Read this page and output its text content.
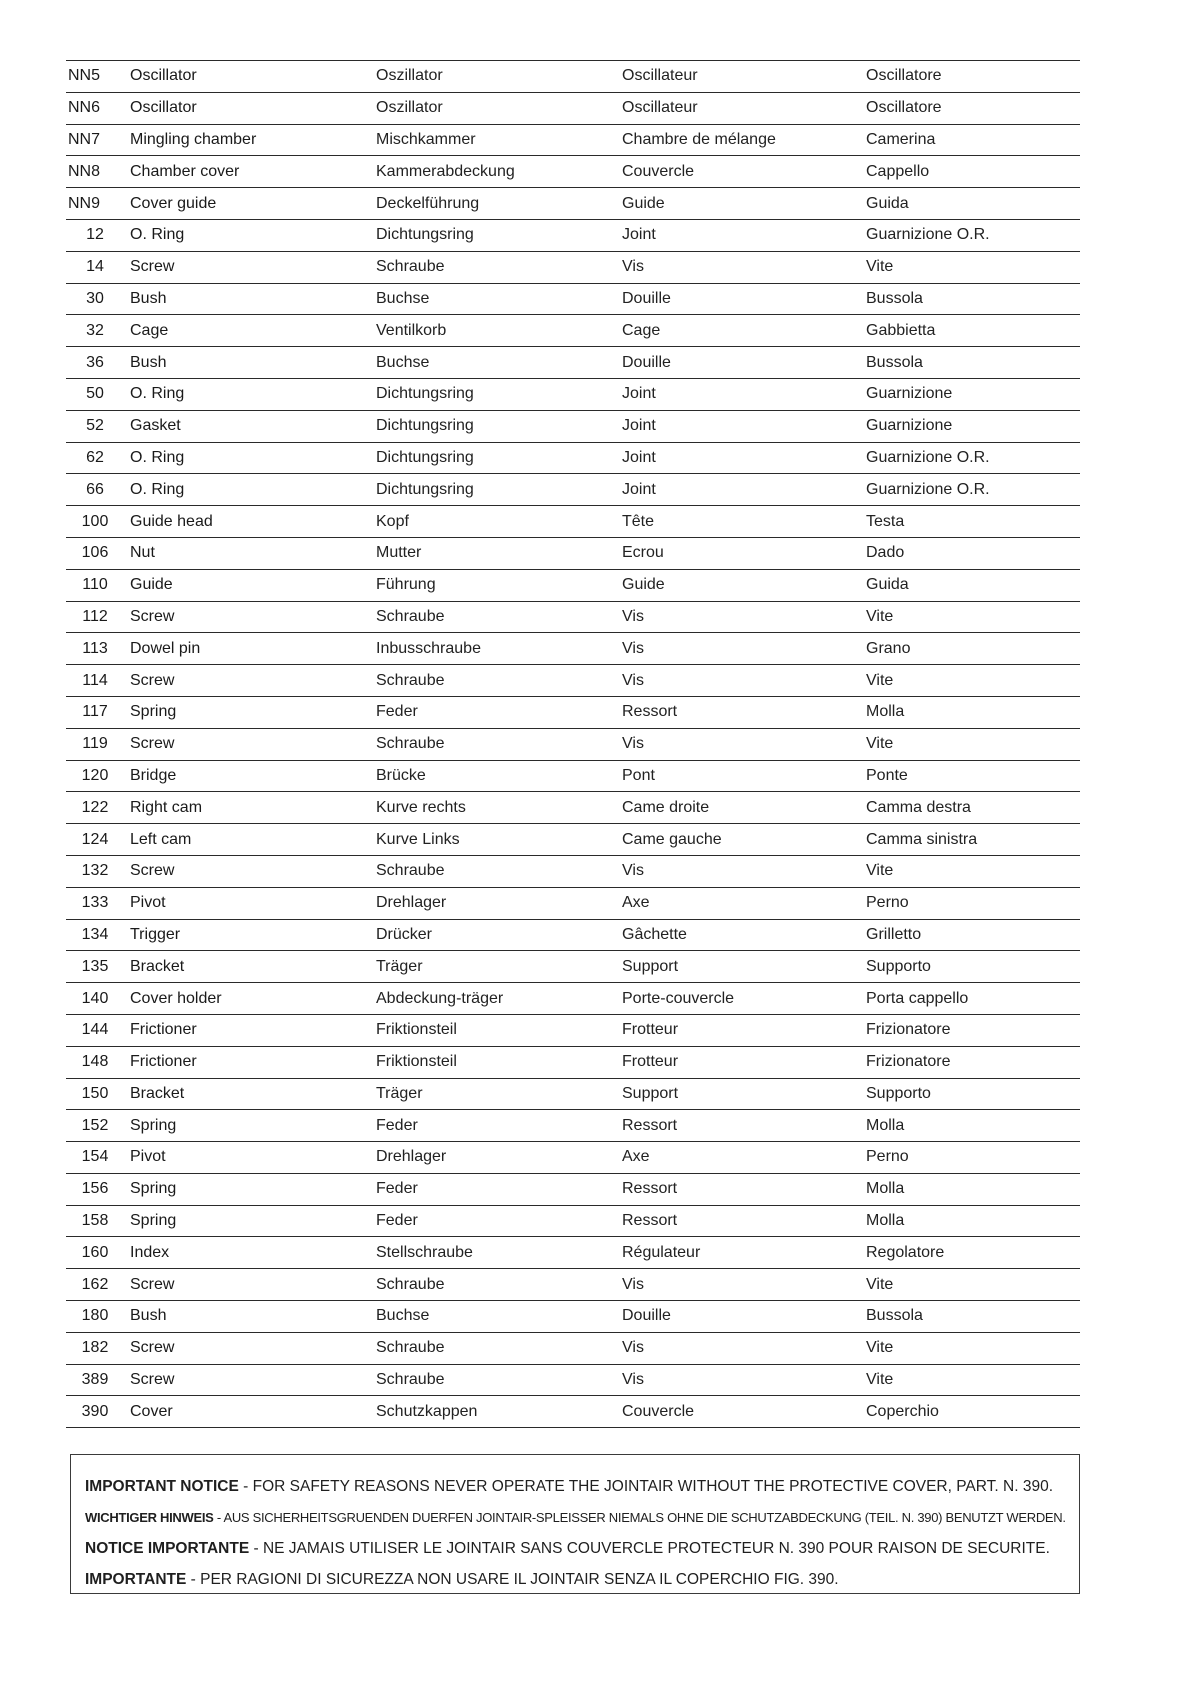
NN5	Oscillator	Oszillator	Oscillateur	Oscillatore
NN6	Oscillator	Oszillator	Oscillateur	Oscillatore
NN7	Mingling chamber	Mischkammer	Chambre de mélange	Camerina
NN8	Chamber cover	Kammerabdeckung	Couvercle	Cappello
NN9	Cover guide	Deckelführung	Guide	Guida
12	O. Ring	Dichtungsring	Joint	Guarnizione O.R.
14	Screw	Schraube	Vis	Vite
30	Bush	Buchse	Douille	Bussola
32	Cage	Ventilkorb	Cage	Gabbietta
36	Bush	Buchse	Douille	Bussola
50	O. Ring	Dichtungsring	Joint	Guarnizione
52	Gasket	Dichtungsring	Joint	Guarnizione
62	O. Ring	Dichtungsring	Joint	Guarnizione O.R.
66	O. Ring	Dichtungsring	Joint	Guarnizione O.R.
100	Guide head	Kopf	Tête	Testa
106	Nut	Mutter	Ecrou	Dado
110	Guide	Führung	Guide	Guida
112	Screw	Schraube	Vis	Vite
113	Dowel pin	Inbusschraube	Vis	Grano
114	Screw	Schraube	Vis	Vite
117	Spring	Feder	Ressort	Molla
119	Screw	Schraube	Vis	Vite
120	Bridge	Brücke	Pont	Ponte
122	Right cam	Kurve rechts	Came droite	Camma destra
124	Left cam	Kurve Links	Came gauche	Camma sinistra
132	Screw	Schraube	Vis	Vite
133	Pivot	Drehlager	Axe	Perno
134	Trigger	Drücker	Gâchette	Grilletto
135	Bracket	Träger	Support	Supporto
140	Cover holder	Abdeckung-träger	Porte-couvercle	Porta cappello
144	Frictioner	Friktionsteil	Frotteur	Frizionatore
148	Frictioner	Friktionsteil	Frotteur	Frizionatore
150	Bracket	Träger	Support	Supporto
152	Spring	Feder	Ressort	Molla
154	Pivot	Drehlager	Axe	Perno
156	Spring	Feder	Ressort	Molla
158	Spring	Feder	Ressort	Molla
160	Index	Stellschraube	Régulateur	Regolatore
162	Screw	Schraube	Vis	Vite
180	Bush	Buchse	Douille	Bussola
182	Screw	Schraube	Vis	Vite
389	Screw	Schraube	Vis	Vite
390	Cover	Schutzkappen	Couvercle	Coperchio
IMPORTANT NOTICE - FOR SAFETY REASONS NEVER OPERATE THE JOINTAIR WITHOUT THE PROTECTIVE COVER, PART. N. 390.
WICHTIGER HINWEIS - AUS SICHERHEITSGRUENDEN DUERFEN JOINTAIR-SPLEISSER NIEMALS OHNE DIE SCHUTZABDECKUNG (TEIL. N. 390) BENUTZT WERDEN.
NOTICE IMPORTANTE - NE JAMAIS UTILISER LE JOINTAIR SANS COUVERCLE PROTECTEUR N. 390 POUR RAISON DE SECURITE.
IMPORTANTE - PER RAGIONI DI SICUREZZA NON USARE IL JOINTAIR SENZA IL COPERCHIO FIG. 390.
